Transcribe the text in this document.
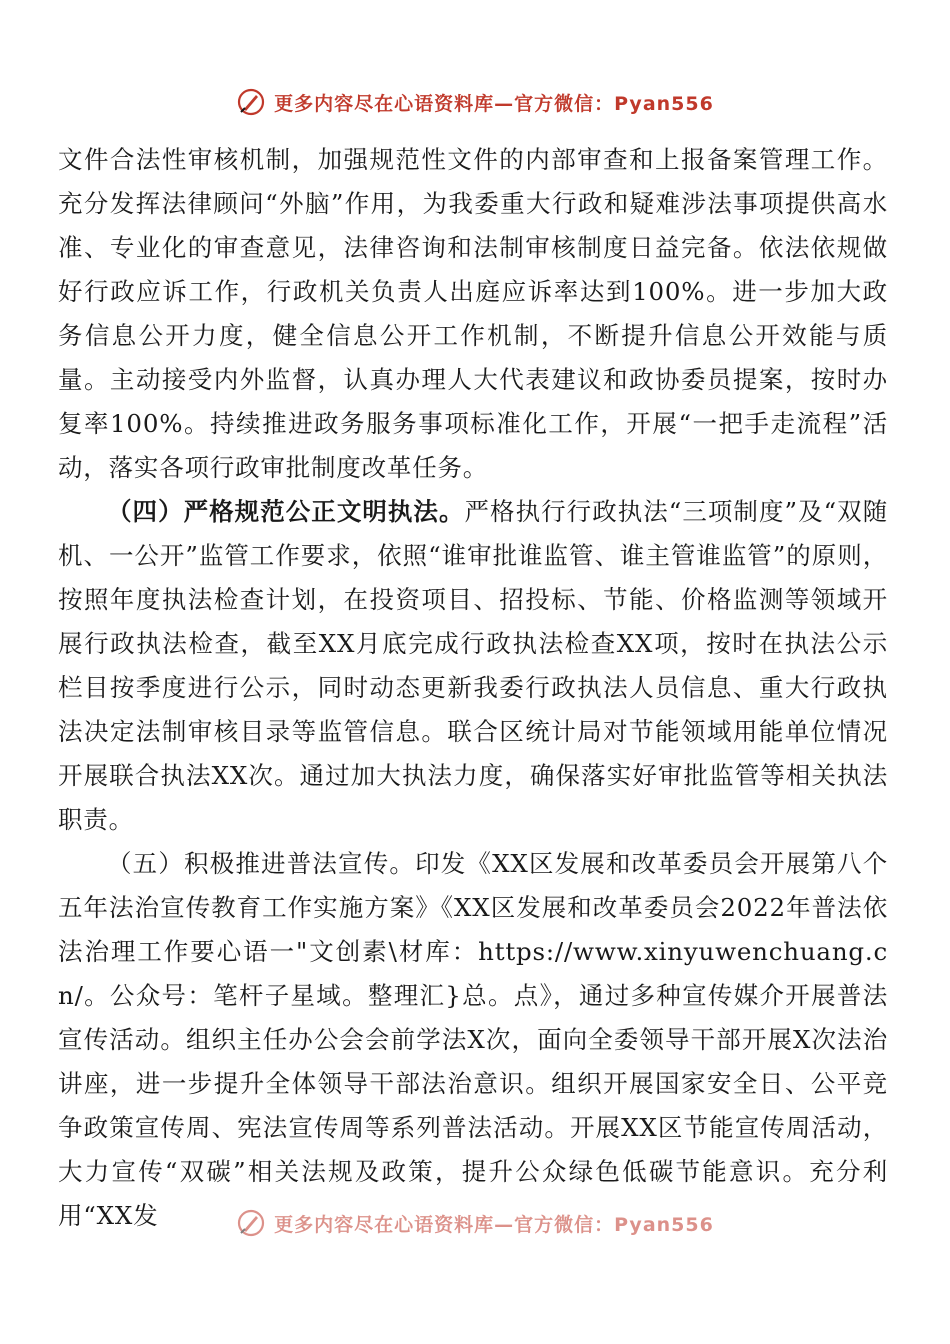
更多内容尽在心语资料库—官方微信：Pyan556

文件合法性审核机制，加强规范性文件的内部审查和上报备案管理工作。充分发挥法律顾问“外脑”作用，为我委重大行政和疑难涉法事项提供高水准、专业化的审查意见，法律咨询和法制审核制度日益完备。依法依规做好行政应诉工作，行政机关负责人出庭应诉率达到100%。进一步加大政务信息公开力度，健全信息公开工作机制，不断提升信息公开效能与质量。主动接受内外监督，认真办理人大代表建议和政协委员提案，按时办复率100%。持续推进政务服务事项标准化工作，开展“一把手走流程”活动，落实各项行政审批制度改革任务。

（四）严格规范公正文明执法。严格执行行政执法“三项制度”及“双随机、一公开”监管工作要求，依照“谁审批谁监管、谁主管谁监管”的原则，按照年度执法检查计划，在投资项目、招投标、节能、价格监测等领域开展行政执法检查，截至XX月底完成行政执法检查XX项，按时在执法公示栏目按季度进行公示，同时动态更新我委行政执法人员信息、重大行政执法决定法制审核目录等监管信息。联合区统计局对节能领域用能单位情况开展联合执法XX次。通过加大执法力度，确保落实好审批监管等相关执法职责。

（五）积极推进普法宣传。印发《XX区发展和改革委员会开展第八个五年法治宣传教育工作实施方案》《XX区发展和改革委员会2022年普法依法治理工作要心语一"文创素\材库：https://www.xinyuwenchuang.cn/。公众号：笔杆子星域。整理汇}总。点》，通过多种宣传媒介开展普法宣传活动。组织主任办公会会前学法X次，面向全委领导干部开展X次法治讲座，进一步提升全体领导干部法治意识。组织开展国家安全日、公平竞争政策宣传周、宪法宣传周等系列普法活动。开展XX区节能宣传周活动，大力宣传“双碳”相关法规及政策，提升公众绿色低碳节能意识。充分利用“XX发	更多内容尽在心语资料库—官方微信：Pyan556
